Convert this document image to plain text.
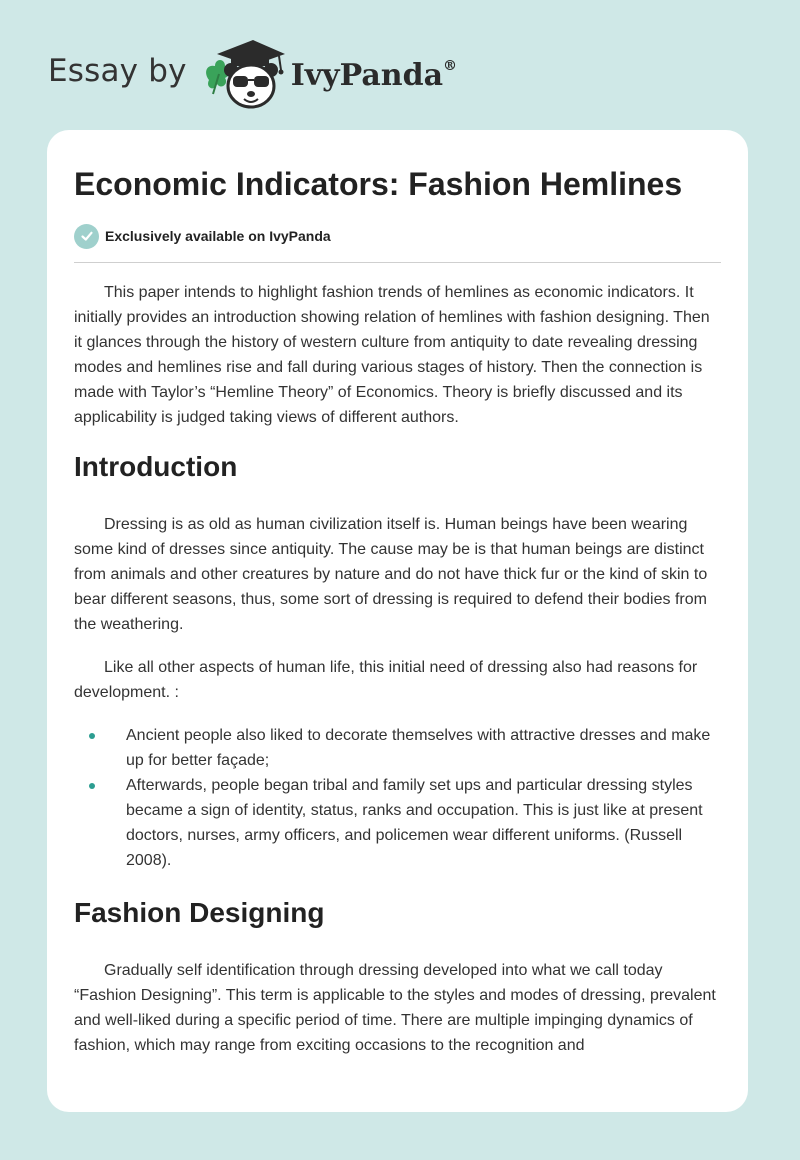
Essay by	IvyPanda®
Economic Indicators: Fashion Hemlines
Exclusively available on IvyPanda

This paper intends to highlight fashion trends of hemlines as economic indicators. It initially provides an introduction showing relation of hemlines with fashion designing. Then it glances through the history of western culture from antiquity to date revealing dressing modes and hemlines rise and fall during various stages of history. Then the connection is made with Taylor’s “Hemline Theory” of Economics. Theory is briefly discussed and its applicability is judged taking views of different authors.

Introduction

Dressing is as old as human civilization itself is. Human beings have been wearing some kind of dresses since antiquity. The cause may be is that human beings are distinct from animals and other creatures by nature and do not have thick fur or the kind of skin to bear different seasons, thus, some sort of dressing is required to defend their bodies from the weathering.

Like all other aspects of human life, this initial need of dressing also had reasons for development. :

Ancient people also liked to decorate themselves with attractive dresses and make up for better façade;
Afterwards, people began tribal and family set ups and particular dressing styles became a sign of identity, status, ranks and occupation. This is just like at present doctors, nurses, army officers, and policemen wear different uniforms. (Russell 2008).
Fashion Designing

Gradually self identification through dressing developed into what we call today “Fashion Designing”. This term is applicable to the styles and modes of dressing, prevalent and well-liked during a specific period of time. There are multiple impinging dynamics of fashion, which may range from exciting occasions to the recognition and
